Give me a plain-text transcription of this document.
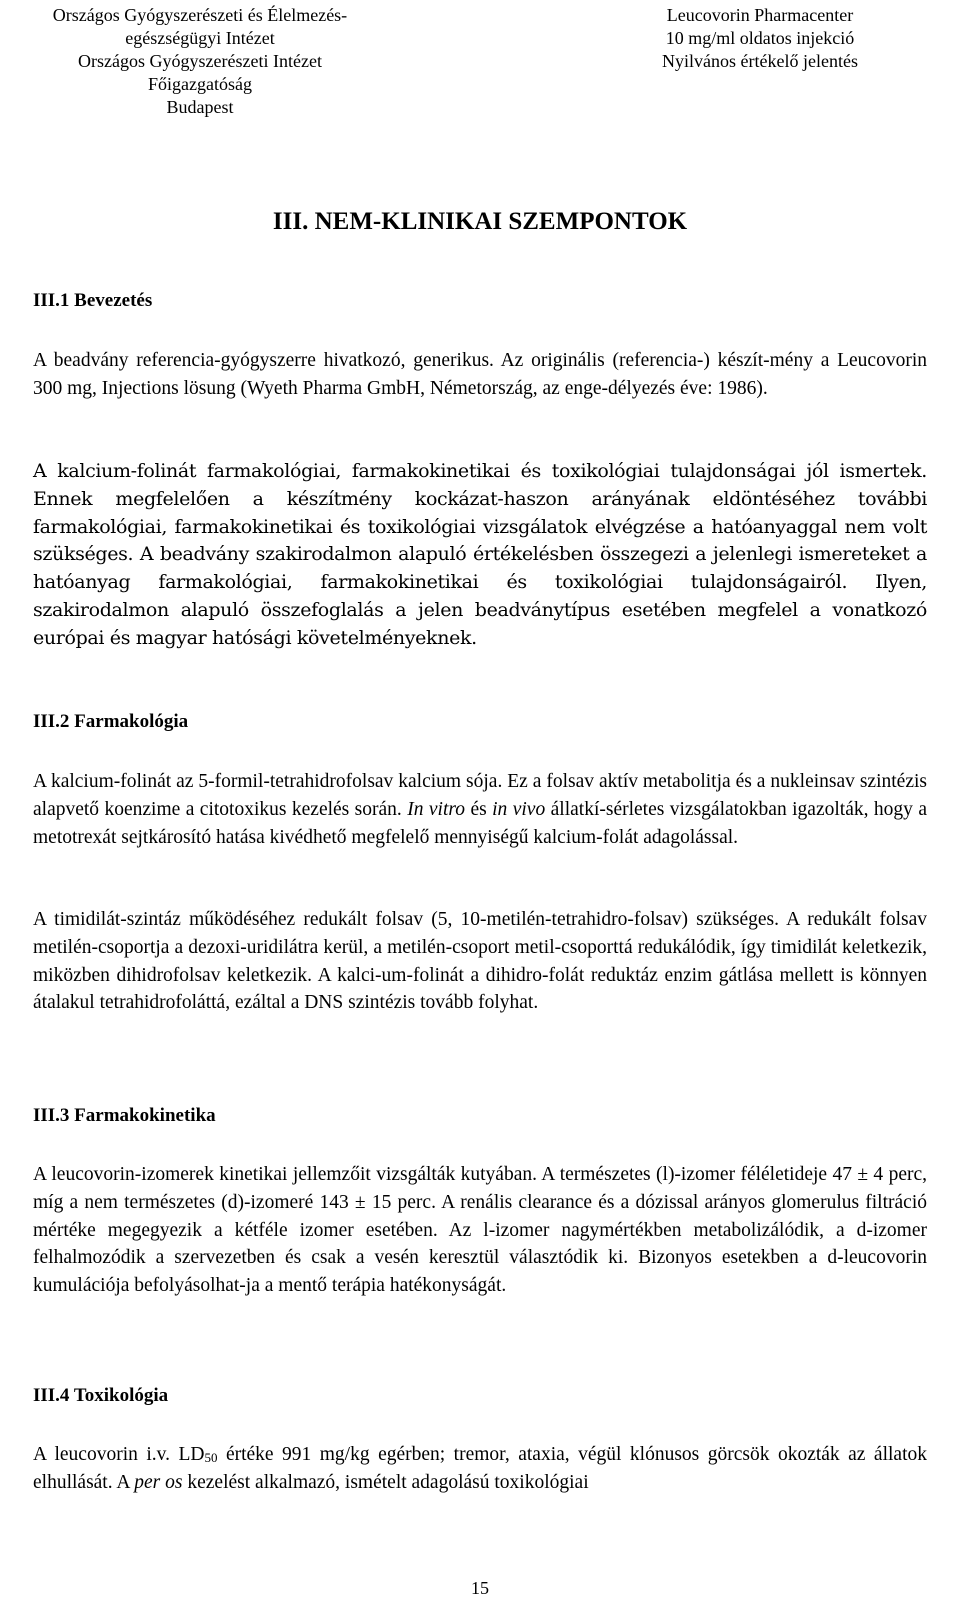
Országos Gyógyszerészeti és Élelmezés-
egészségügyi Intézet
Országos Gyógyszerészeti Intézet
Főigazgatóság
Budapest
Leucovorin Pharmacenter
10 mg/ml oldatos injekció
Nyilvános értékelő jelentés
III. NEM-KLINIKAI SZEMPONTOK
III.1 Bevezetés
A beadvány referencia-gyógyszerre hivatkozó, generikus. Az originális (referencia-) készít-mény a Leucovorin 300 mg, Injections lösung (Wyeth Pharma GmbH, Németország, az enge-délyezés éve: 1986).
A kalcium-folinát farmakológiai, farmakokinetikai és toxikológiai tulajdonságai jól ismertek. Ennek megfelelően a készítmény kockázat-haszon arányának eldöntéséhez további farmakológiai, farmakokinetikai és toxikológiai vizsgálatok elvégzése a hatóanyaggal nem volt szükséges. A beadvány szakirodalmon alapuló értékelésben összegezi a jelenlegi ismereteket a hatóanyag farmakológiai, farmakokinetikai és toxikológiai tulajdonságairól. Ilyen, szakirodalmon alapuló összefoglalás a jelen beadványtípus esetében megfelel a vonatkozó európai és magyar hatósági követelményeknek.
III.2 Farmakológia
A kalcium-folinát az 5-formil-tetrahidrofolsav kalcium sója. Ez a folsav aktív metabolitja és a nukleinsav szintézis alapvető koenzime a citotoxikus kezelés során. In vitro és in vivo állatkí-sérletes vizsgálatokban igazolták, hogy a metotrexát sejtkárosító hatása kivédhető megfelelő mennyiségű kalcium-folát adagolással.
A timidilát-szintáz működéséhez redukált folsav (5, 10-metilén-tetrahidro-folsav) szükséges. A redukált folsav metilén-csoportja a dezoxi-uridilátra kerül, a metilén-csoport metil-csoporttá redukálódik, így timidilát keletkezik, miközben dihidrofolsav keletkezik. A kalci-um-folinát a dihidro-folát reduktáz enzim gátlása mellett is könnyen átalakul tetrahidrofoláttá, ezáltal a DNS szintézis tovább folyhat.
III.3 Farmakokinetika
A leucovorin-izomerek kinetikai jellemzőit vizsgálták kutyában. A természetes (l)-izomer féléletideje 47 ± 4 perc, míg a nem természetes (d)-izomeré 143 ± 15 perc. A renális clearance és a dózissal arányos glomerulus filtráció mértéke megegyezik a kétféle izomer esetében. Az l-izomer nagymértékben metabolizálódik, a d-izomer felhalmozódik a szervezetben és csak a vesén keresztül választódik ki. Bizonyos esetekben a d-leucovorin kumulációja befolyásolhat-ja a mentő terápia hatékonyságát.
III.4 Toxikológia
A leucovorin i.v. $LD_{50}$ értéke 991 mg/kg egérben; tremor, ataxia, végül klónusos görcsök okozták az állatok elhullását. A per os kezelést alkalmazó, ismételt adagolású toxikológiai
15
